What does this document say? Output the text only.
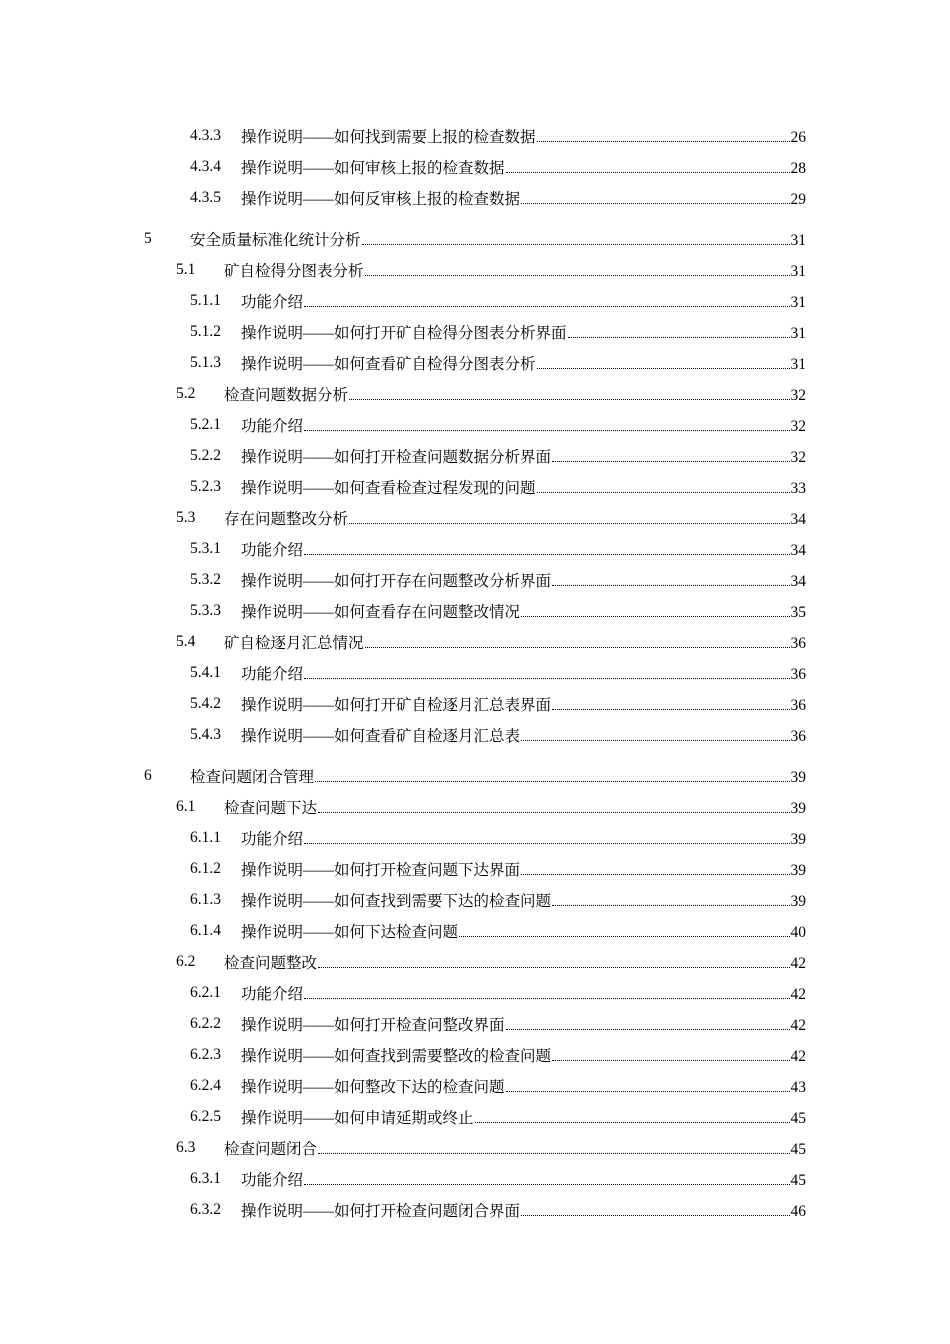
4.3.3 操作说明——如何找到需要上报的检查数据	26
4.3.4 操作说明——如何审核上报的检查数据	28
4.3.5 操作说明——如何反审核上报的检查数据	29
5 安全质量标准化统计分析	31
5.1 矿自检得分图表分析	31
5.1.1 功能介绍	31
5.1.2 操作说明——如何打开矿自检得分图表分析界面	31
5.1.3 操作说明——如何查看矿自检得分图表分析	31
5.2 检查问题数据分析	32
5.2.1 功能介绍	32
5.2.2 操作说明——如何打开检查问题数据分析界面	32
5.2.3 操作说明——如何查看检查过程发现的问题	33
5.3 存在问题整改分析	34
5.3.1 功能介绍	34
5.3.2 操作说明——如何打开存在问题整改分析界面	34
5.3.3 操作说明——如何查看存在问题整改情况	35
5.4 矿自检逐月汇总情况	36
5.4.1 功能介绍	36
5.4.2 操作说明——如何打开矿自检逐月汇总表界面	36
5.4.3 操作说明——如何查看矿自检逐月汇总表	36
6 检查问题闭合管理	39
6.1 检查问题下达	39
6.1.1 功能介绍	39
6.1.2 操作说明——如何打开检查问题下达界面	39
6.1.3 操作说明——如何查找到需要下达的检查问题	39
6.1.4 操作说明——如何下达检查问题	40
6.2 检查问题整改	42
6.2.1 功能介绍	42
6.2.2 操作说明——如何打开检查问整改界面	42
6.2.3 操作说明——如何查找到需要整改的检查问题	42
6.2.4 操作说明——如何整改下达的检查问题	43
6.2.5 操作说明——如何申请延期或终止	45
6.3 检查问题闭合	45
6.3.1 功能介绍	45
6.3.2 操作说明——如何打开检查问题闭合界面	46
